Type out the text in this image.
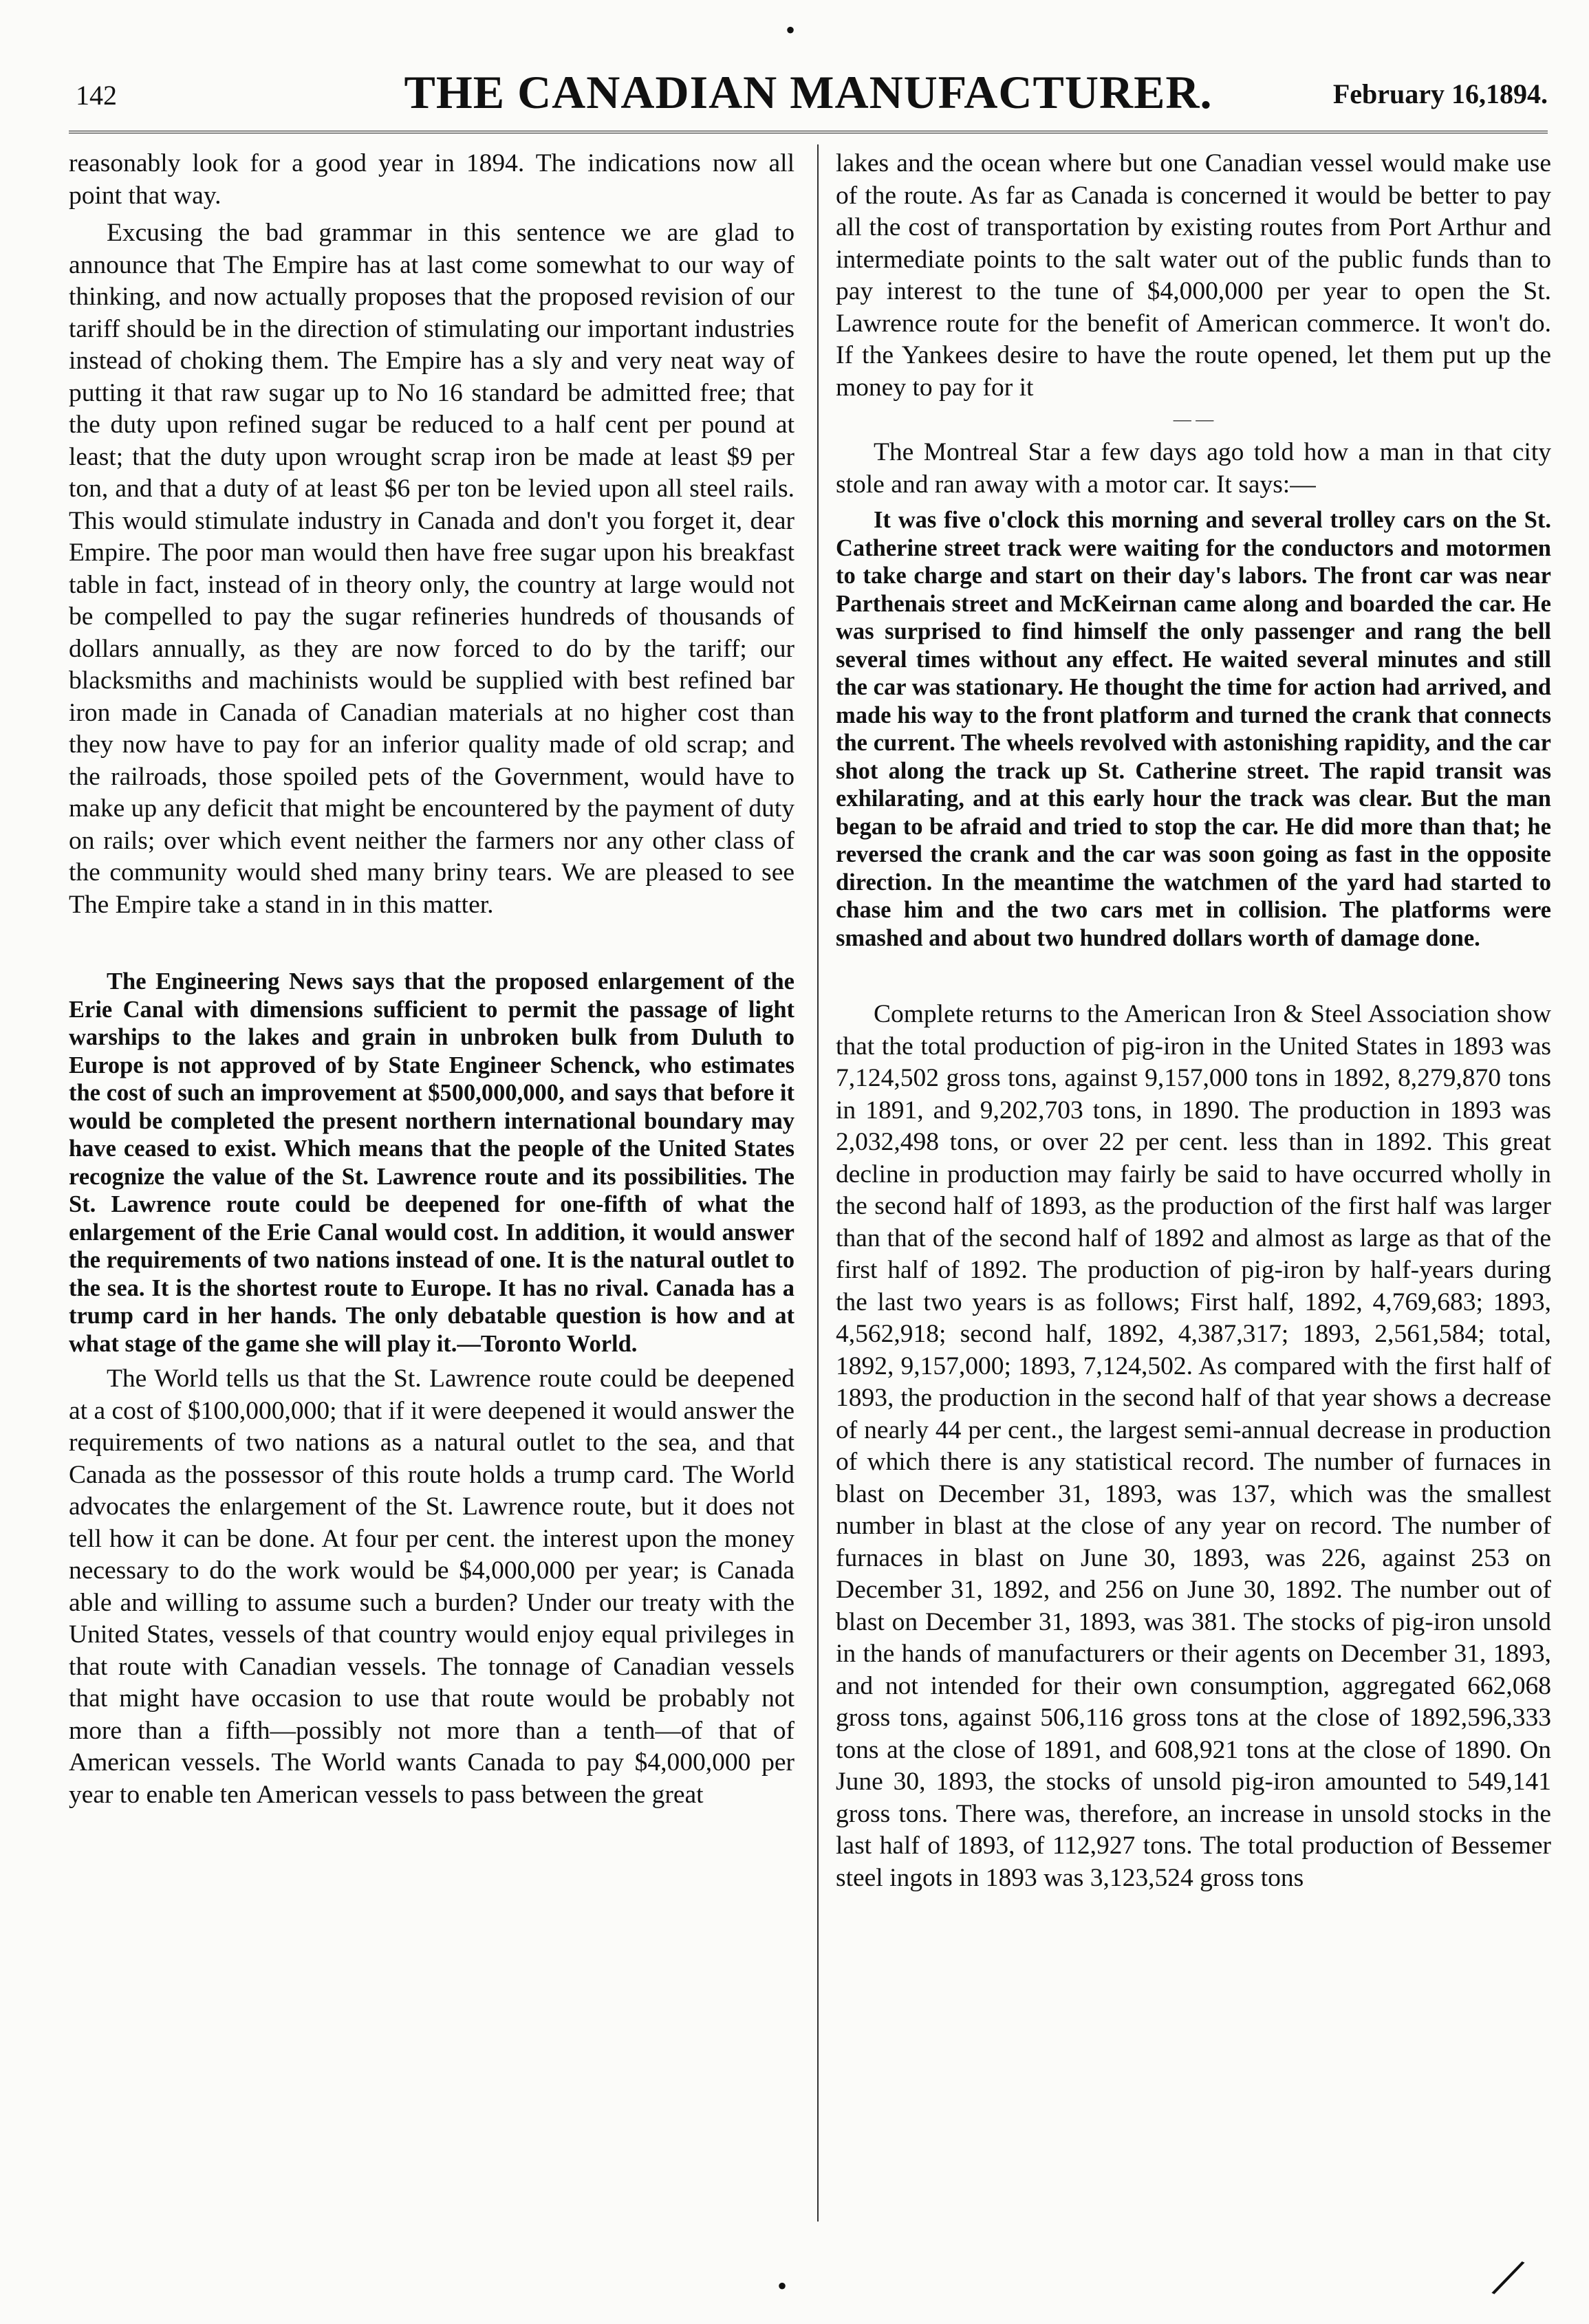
•
142	THE CANADIAN MANUFACTURER.	February 16,1894.

reasonably look for a good year in 1894. The indications now all point that way.

Excusing the bad grammar in this sentence we are glad to announce that The Empire has at last come somewhat to our way of thinking, and now actually proposes that the proposed revision of our tariff should be in the direction of stimulating our important industries instead of choking them. The Empire has a sly and very neat way of putting it that raw sugar up to No 16 standard be admitted free; that the duty upon refined sugar be reduced to a half cent per pound at least; that the duty upon wrought scrap iron be made at least $9 per ton, and that a duty of at least $6 per ton be levied upon all steel rails. This would stimulate industry in Canada and don't you forget it, dear Empire. The poor man would then have free sugar upon his breakfast table in fact, instead of in theory only, the country at large would not be compelled to pay the sugar refineries hundreds of thousands of dollars annually, as they are now forced to do by the tariff; our blacksmiths and machinists would be supplied with best refined bar iron made in Canada of Canadian materials at no higher cost than they now have to pay for an inferior quality made of old scrap; and the railroads, those spoiled pets of the Government, would have to make up any deficit that might be encountered by the payment of duty on rails; over which event neither the farmers nor any other class of the community would shed many briny tears. We are pleased to see The Empire take a stand in in this matter.

The Engineering News says that the proposed enlargement of the Erie Canal with dimensions sufficient to permit the passage of light warships to the lakes and grain in unbroken bulk from Duluth to Europe is not approved of by State Engineer Schenck, who estimates the cost of such an improvement at $500,000,000, and says that before it would be completed the present northern international boundary may have ceased to exist. Which means that the people of the United States recognize the value of the St. Lawrence route and its possibilities. The St. Lawrence route could be deepened for one-fifth of what the enlargement of the Erie Canal would cost. In addition, it would answer the requirements of two nations instead of one. It is the natural outlet to the sea. It is the shortest route to Europe. It has no rival. Canada has a trump card in her hands. The only debatable question is how and at what stage of the game she will play it.—Toronto World.

The World tells us that the St. Lawrence route could be deepened at a cost of $100,000,000; that if it were deepened it would answer the requirements of two nations as a natural outlet to the sea, and that Canada as the possessor of this route holds a trump card. The World advocates the enlargement of the St. Lawrence route, but it does not tell how it can be done. At four per cent. the interest upon the money necessary to do the work would be $4,000,000 per year; is Canada able and willing to assume such a burden? Under our treaty with the United States, vessels of that country would enjoy equal privileges in that route with Canadian vessels. The tonnage of Canadian vessels that might have occasion to use that route would be probably not more than a fifth—possibly not more than a tenth—of that of American vessels. The World wants Canada to pay $4,000,000 per year to enable ten American vessels to pass between the great

lakes and the ocean where but one Canadian vessel would make use of the route. As far as Canada is concerned it would be better to pay all the cost of transportation by existing routes from Port Arthur and intermediate points to the salt water out of the public funds than to pay interest to the tune of $4,000,000 per year to open the St. Lawrence route for the benefit of American commerce. It won't do. If the Yankees desire to have the route opened, let them put up the money to pay for it

— —

The Montreal Star a few days ago told how a man in that city stole and ran away with a motor car. It says:—

It was five o'clock this morning and several trolley cars on the St. Catherine street track were waiting for the conductors and motormen to take charge and start on their day's labors. The front car was near Parthenais street and McKeirnan came along and boarded the car. He was surprised to find himself the only passenger and rang the bell several times without any effect. He waited several minutes and still the car was stationary. He thought the time for action had arrived, and made his way to the front platform and turned the crank that connects the current. The wheels revolved with astonishing rapidity, and the car shot along the track up St. Catherine street. The rapid transit was exhilarating, and at this early hour the track was clear. But the man began to be afraid and tried to stop the car. He did more than that; he reversed the crank and the car was soon going as fast in the opposite direction. In the meantime the watchmen of the yard had started to chase him and the two cars met in collision. The platforms were smashed and about two hundred dollars worth of damage done.

Complete returns to the American Iron & Steel Association show that the total production of pig-iron in the United States in 1893 was 7,124,502 gross tons, against 9,157,000 tons in 1892, 8,279,870 tons in 1891, and 9,202,703 tons, in 1890. The production in 1893 was 2,032,498 tons, or over 22 per cent. less than in 1892. This great decline in production may fairly be said to have occurred wholly in the second half of 1893, as the production of the first half was larger than that of the second half of 1892 and almost as large as that of the first half of 1892. The production of pig-iron by half-years during the last two years is as follows; First half, 1892, 4,769,683; 1893, 4,562,918; second half, 1892, 4,387,317; 1893, 2,561,584; total, 1892, 9,157,000; 1893, 7,124,502. As compared with the first half of 1893, the production in the second half of that year shows a decrease of nearly 44 per cent., the largest semi-annual decrease in production of which there is any statistical record. The number of furnaces in blast on December 31, 1893, was 137, which was the smallest number in blast at the close of any year on record. The number of furnaces in blast on June 30, 1893, was 226, against 253 on December 31, 1892, and 256 on June 30, 1892. The number out of blast on December 31, 1893, was 381. The stocks of pig-iron unsold in the hands of manufacturers or their agents on December 31, 1893, and not intended for their own consumption, aggregated 662,068 gross tons, against 506,116 gross tons at the close of 1892,596,333 tons at the close of 1891, and 608,921 tons at the close of 1890. On June 30, 1893, the stocks of unsold pig-iron amounted to 549,141 gross tons. There was, therefore, an increase in unsold stocks in the last half of 1893, of 112,927 tons. The total production of Bessemer steel ingots in 1893 was 3,123,524 gross tons

•	/
